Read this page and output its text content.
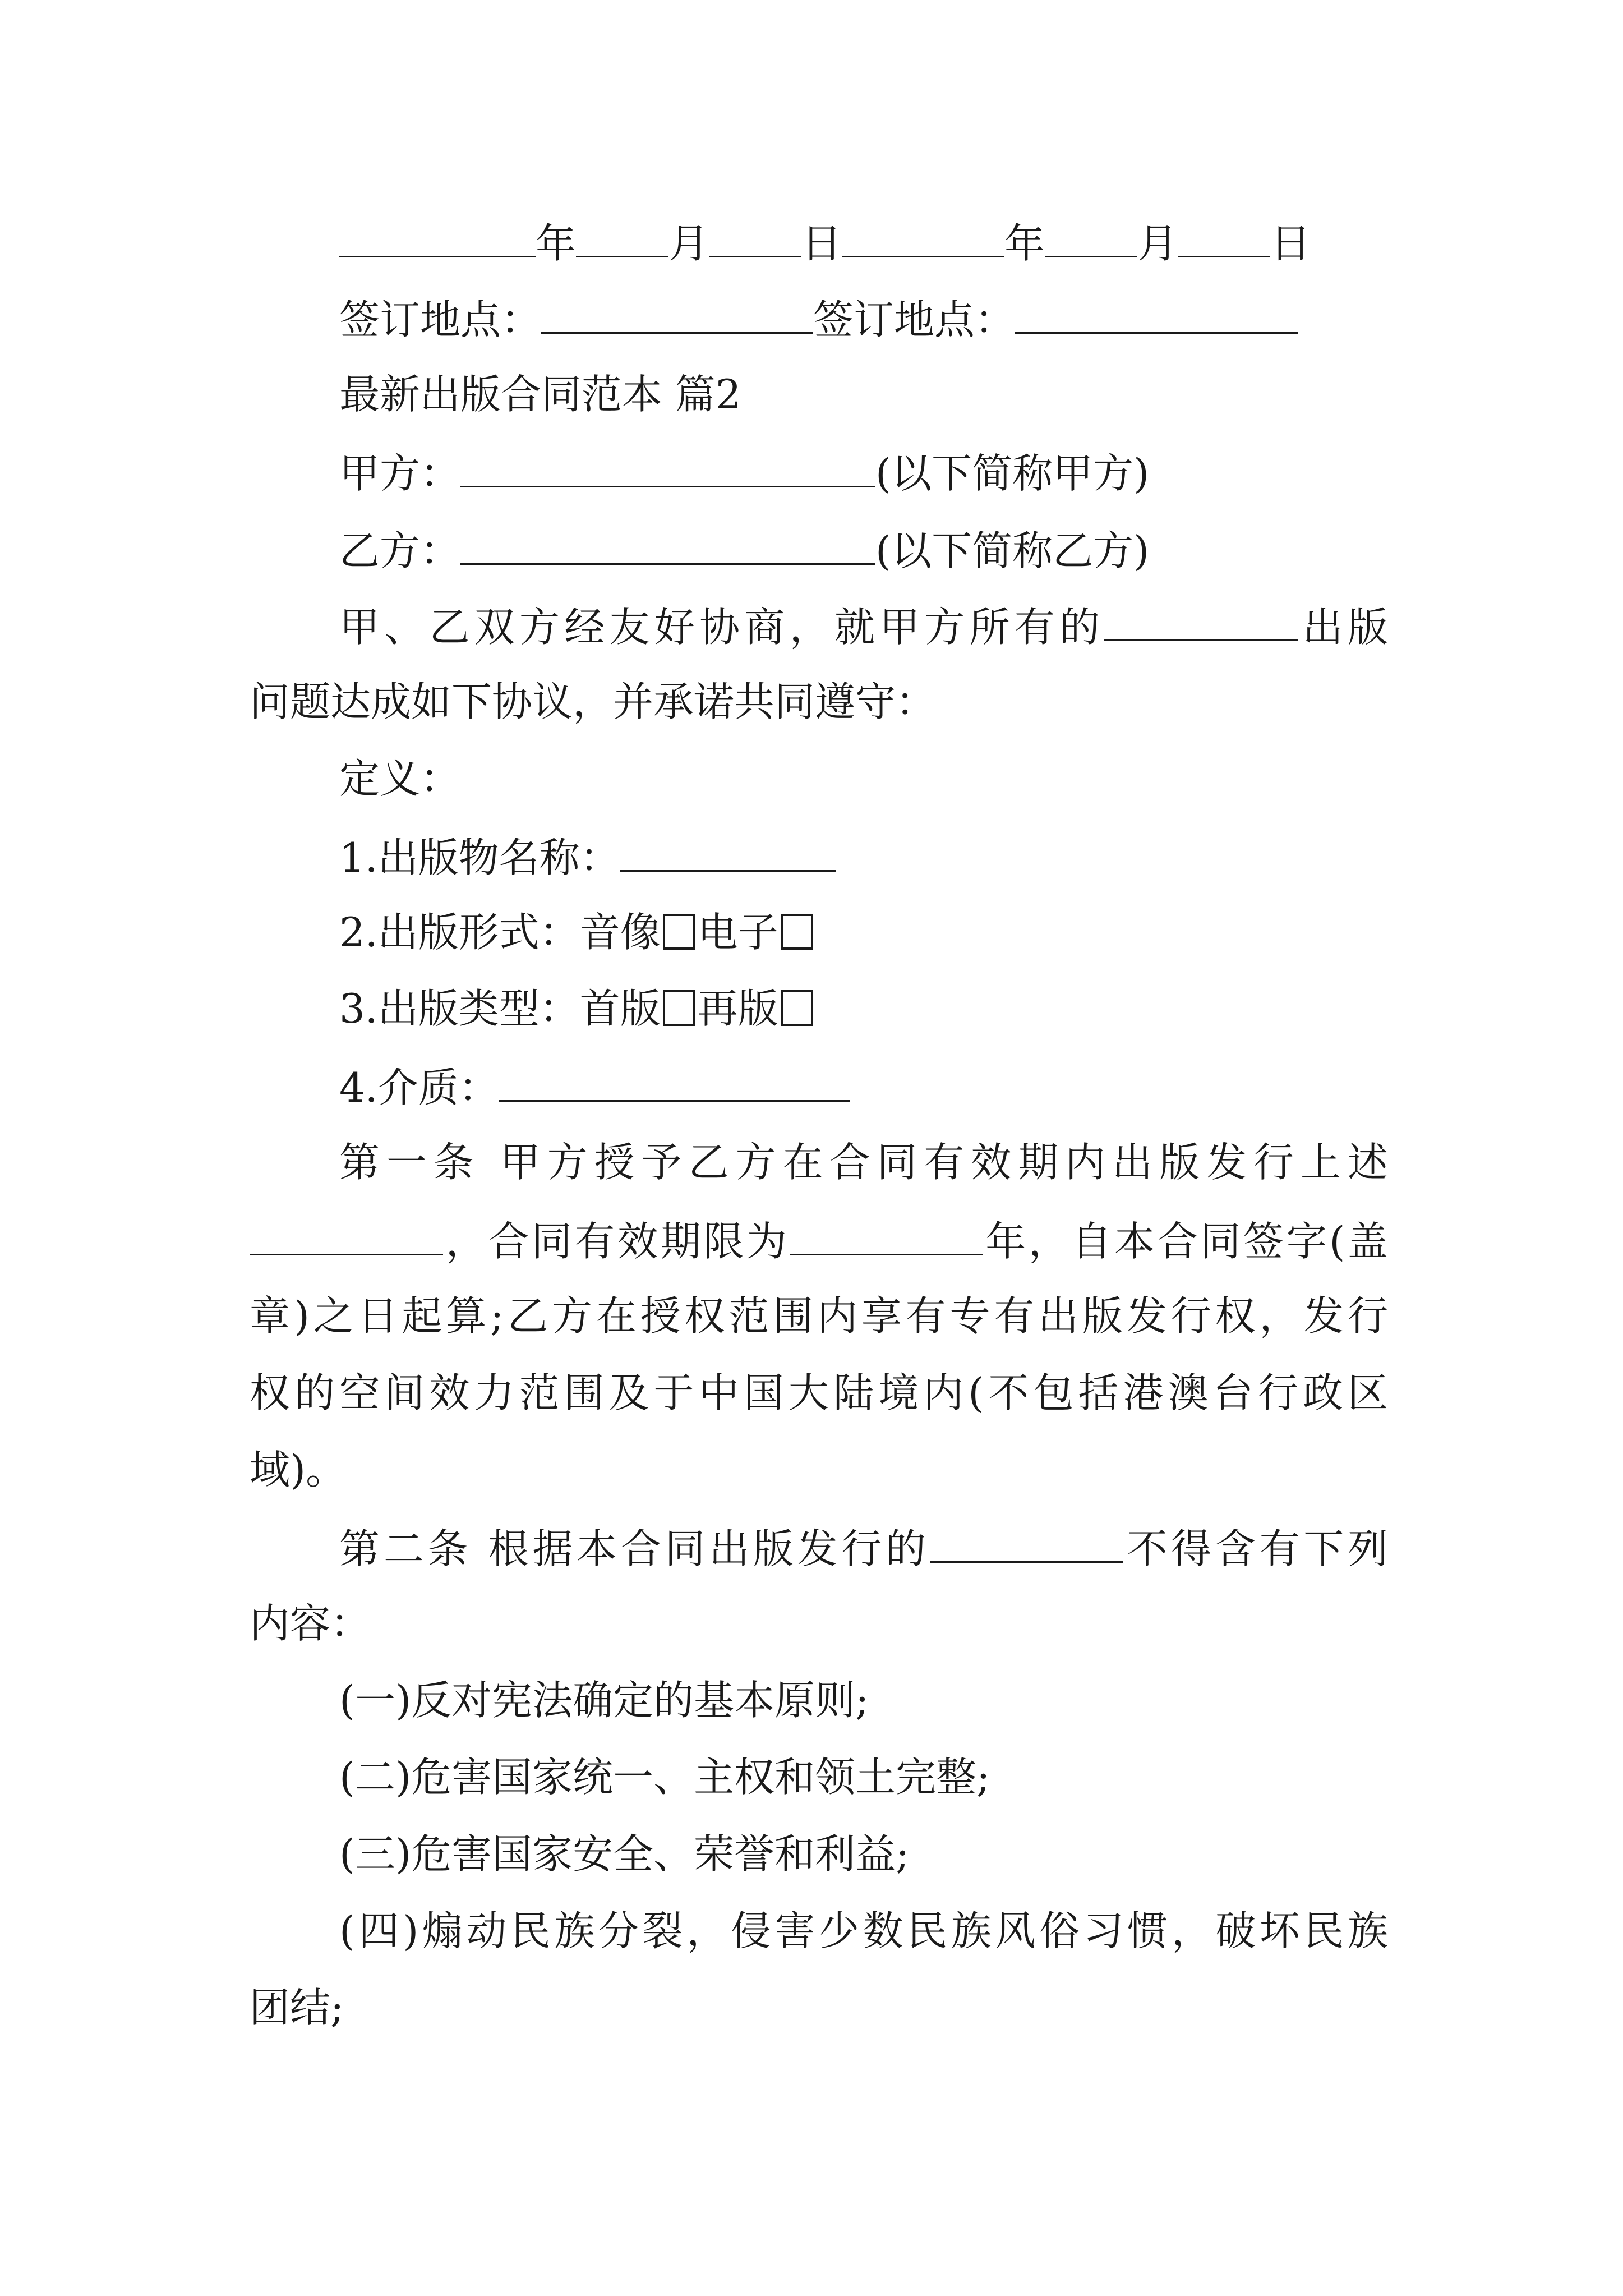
年 月 日	年 月 日
签订地点：	签订地点：
最新出版合同范本 篇2
甲方：	(以下简称甲方)
乙方：	(以下简称乙方)
甲、乙双方经友好协商，就甲方所有的	出版
问题达成如下协议，并承诺共同遵守：
定义：
1.出版物名称：
2.出版形式：音像 电子
3.出版类型：首版 再版
4.介质：
第一条 甲方授予乙方在合同有效期内出版发行上述
，合同有效期限为	年，自本合同签字(盖
章)之日起算;乙方在授权范围内享有专有出版发行权，发行
权的空间效力范围及于中国大陆境内(不包括港澳台行政区
域)。
第二条 根据本合同出版发行的	不得含有下列
内容：
(一)反对宪法确定的基本原则;
(二)危害国家统一、主权和领土完整;
(三)危害国家安全、荣誉和利益;
(四)煽动民族分裂，侵害少数民族风俗习惯，破坏民族
团结;
